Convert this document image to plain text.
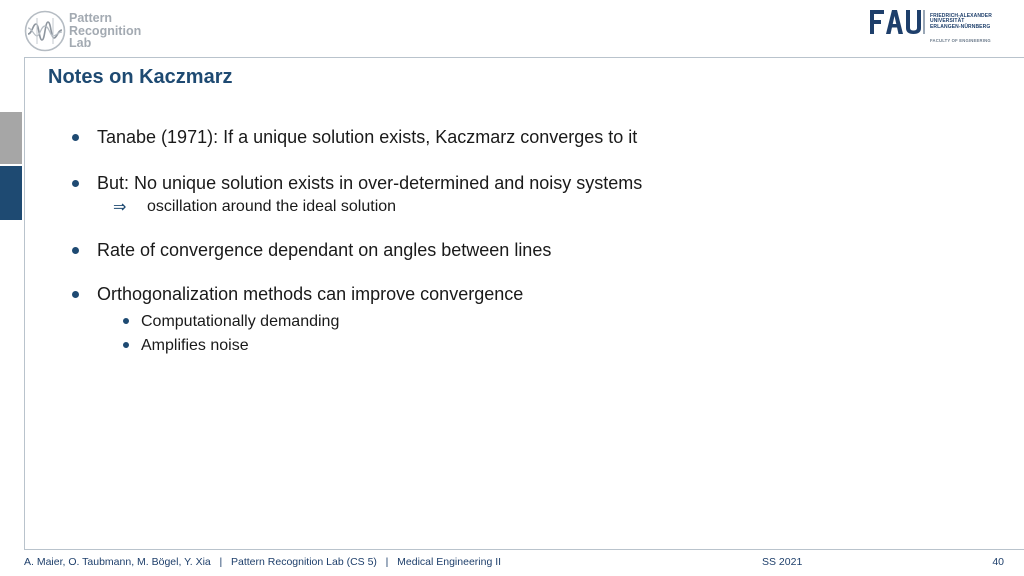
Pattern
Recognition
Lab
FRIEDRICH-ALEXANDER
UNIVERSITÄT
ERLANGEN-NÜRNBERG
FACULTY OF ENGINEERING
Notes on Kaczmarz
Tanabe (1971): If a unique solution exists, Kaczmarz converges to it
But: No unique solution exists in over-determined and noisy systems
⇒ oscillation around the ideal solution
Rate of convergence dependant on angles between lines
Orthogonalization methods can improve convergence
Computationally demanding
Amplifies noise
A. Maier, O. Taubmann, M. Bögel, Y. Xia   |   Pattern Recognition Lab (CS 5)   |   Medical Engineering II	SS 2021	40
